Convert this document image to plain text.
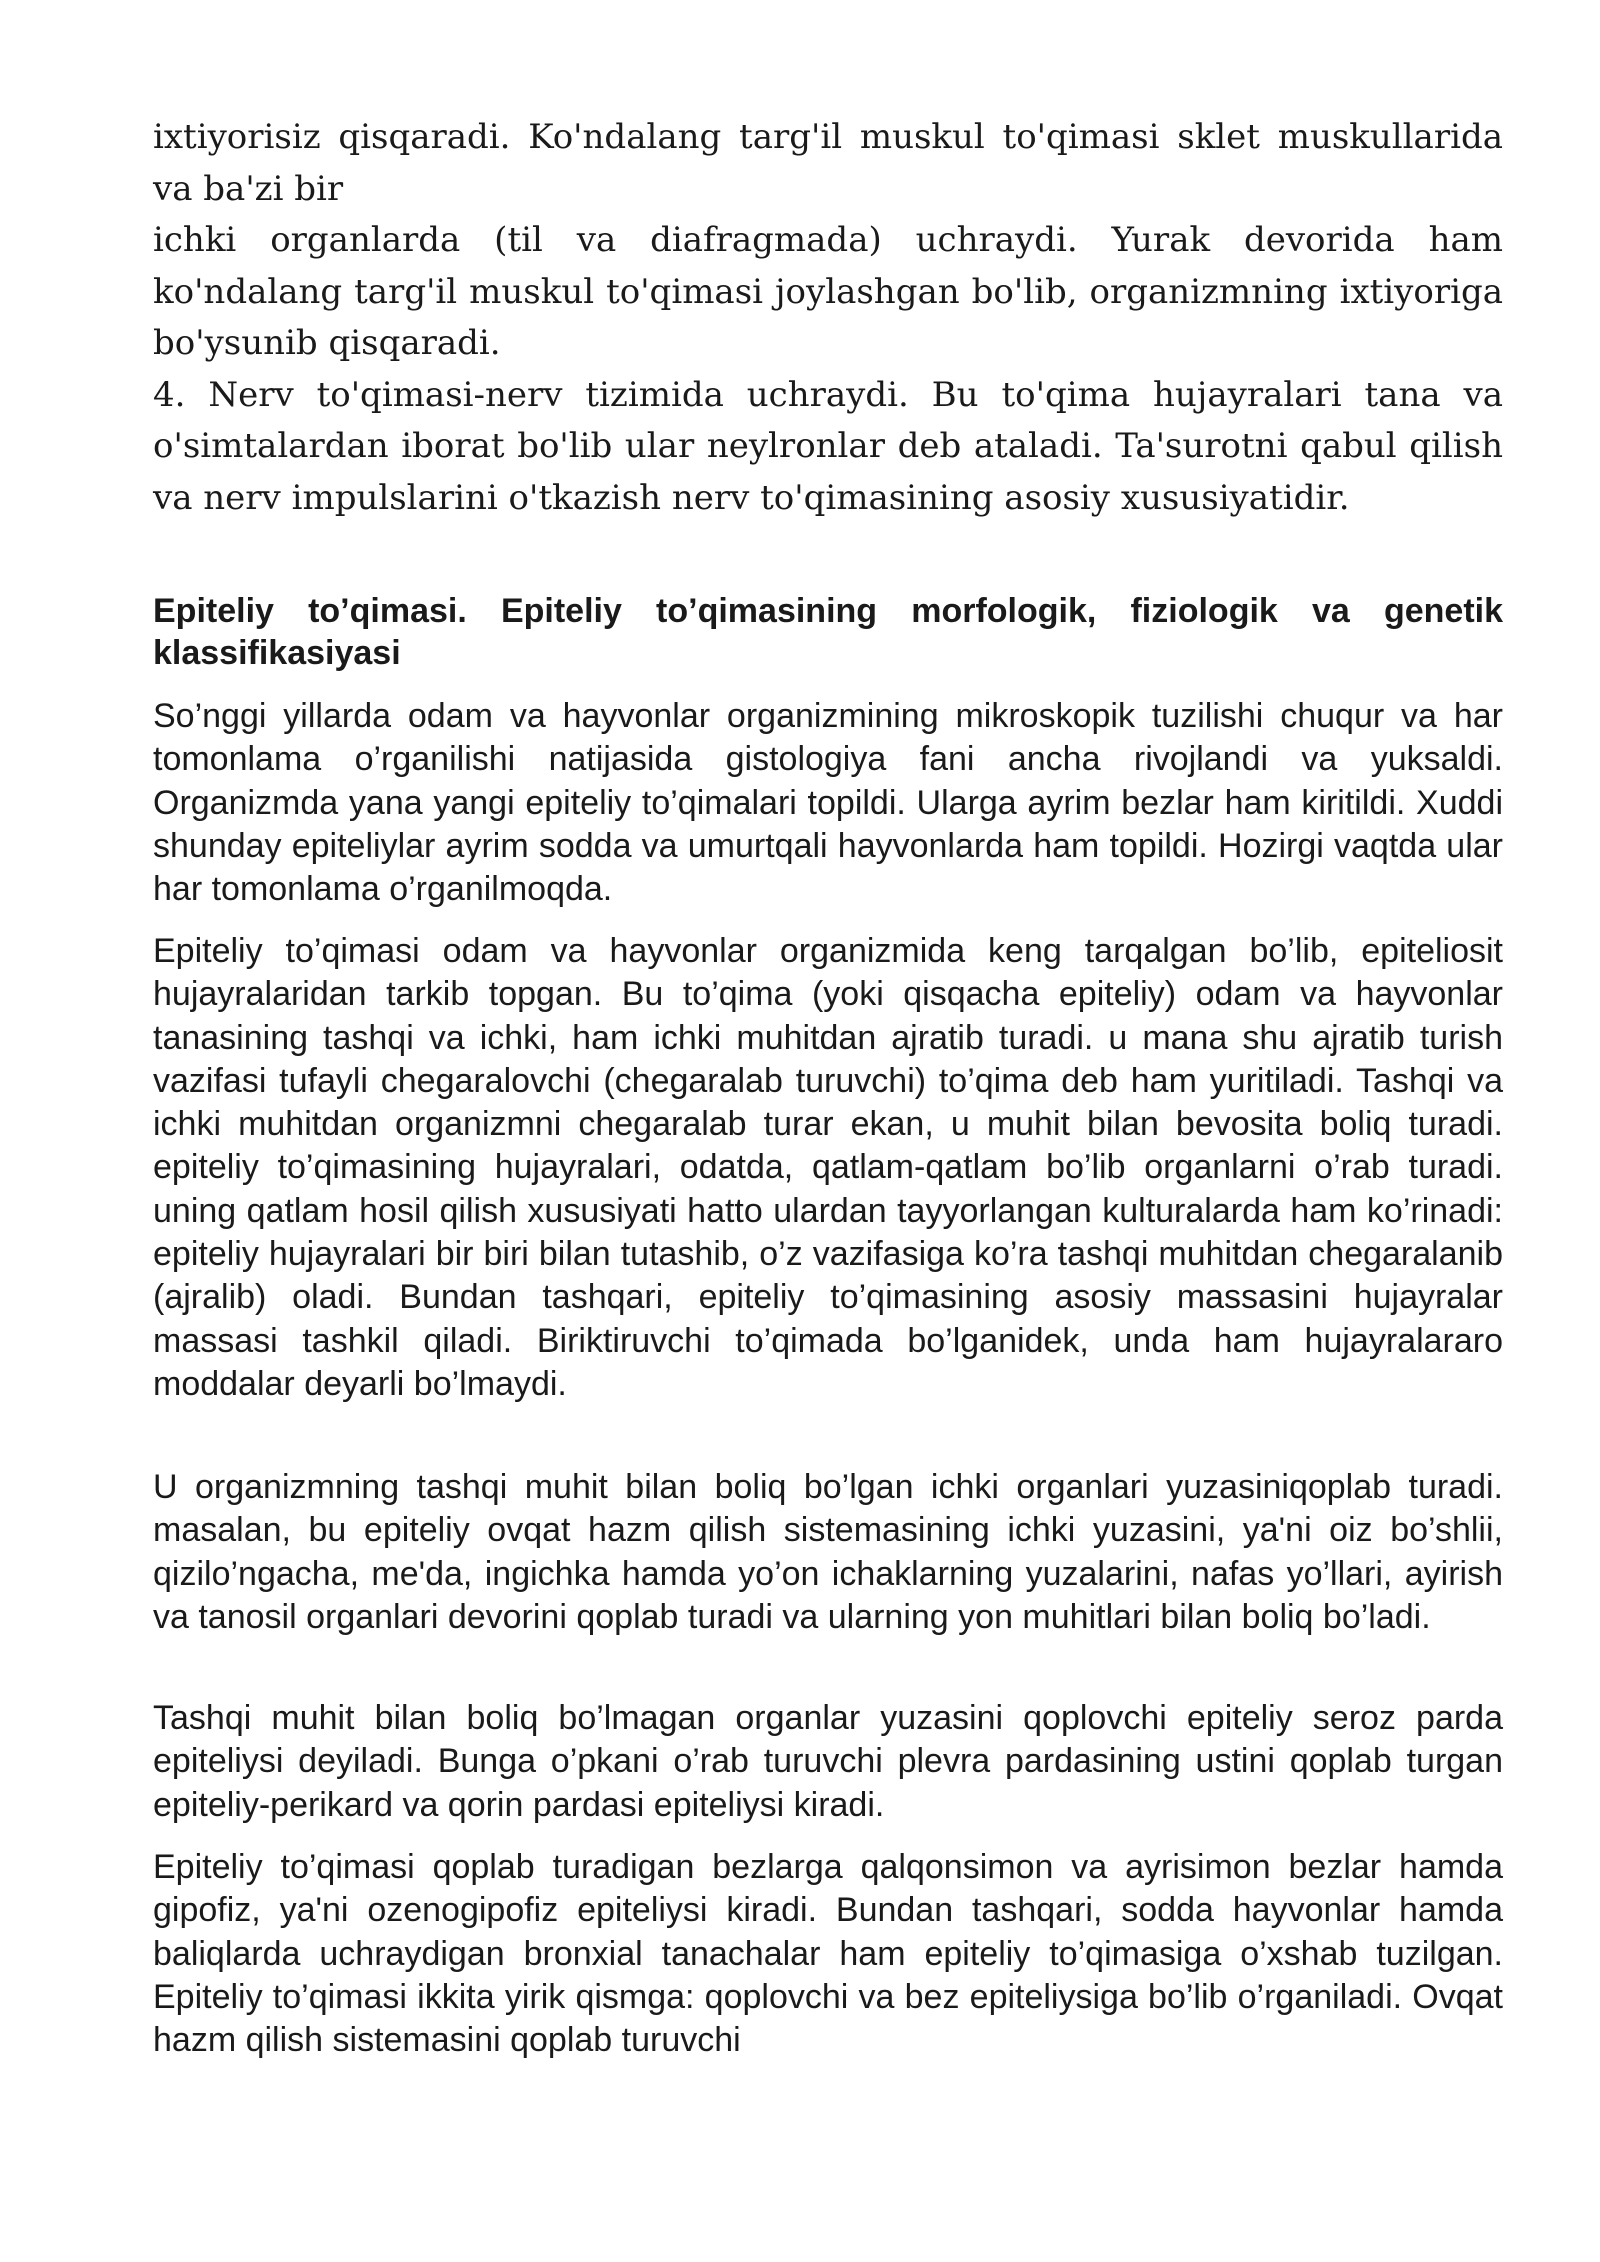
ixtiyorisiz qisqaradi. Ko'ndalang targ'il muskul to'qimasi sklet muskullarida
va ba'zi bir
ichki organlarda (til va diafragmada) uchraydi. Yurak devorida ham ko'ndalang targ'il muskul to'qimasi joylashgan bo'lib, organizmning ixtiyoriga bo'ysunib qisqaradi.

4. Nerv to'qimasi-nerv tizimida uchraydi. Bu to'qima hujayralari tana va o'simtalardan iborat bo'lib ular neylronlar deb ataladi. Ta'surotni qabul qilish va nerv impulslarini o'tkazish nerv to'qimasining asosiy xususiyatidir.

Epiteliy to’qimasi. Epiteliy to’qimasining morfologik, fiziologik va genetik klassifikasiyasi

So’nggi yillarda odam va hayvonlar organizmining mikroskopik tuzilishi chuqur va har tomonlama o’rganilishi natijasida gistologiya fani ancha rivojlandi va yuksaldi. Organizmda yana yangi epiteliy to’qimalari topildi. Ularga ayrim bezlar ham kiritildi. Xuddi shunday epiteliylar ayrim sodda va umurtqali hayvonlarda ham topildi. Hozirgi vaqtda ular har tomonlama o’rganilmoqda.

Epiteliy to’qimasi odam va hayvonlar organizmida keng tarqalgan bo’lib, epiteliosit hujayralaridan tarkib topgan. Bu to’qima (yoki qisqacha epiteliy) odam va hayvonlar tanasining tashqi va ichki, ham ichki muhitdan ajratib turadi. u mana shu ajratib turish vazifasi tufayli chegaralovchi (chegaralab turuvchi) to’qima deb ham yuritiladi. Tashqi va ichki muhitdan organizmni chegaralab turar ekan, u muhit bilan bevosita boliq turadi. epiteliy to’qimasining hujayralari, odatda, qatlam-qatlam bo’lib organlarni o’rab turadi. uning qatlam hosil qilish xususiyati hatto ulardan tayyorlangan kulturalarda ham ko’rinadi: epiteliy hujayralari bir biri bilan tutashib, o’z vazifasiga ko’ra tashqi muhitdan chegaralanib (ajralib) oladi. Bundan tashqari, epiteliy to’qimasining asosiy massasini hujayralar massasi tashkil qiladi. Biriktiruvchi to’qimada bo’lganidek, unda ham hujayralararo moddalar deyarli bo’lmaydi.

U organizmning tashqi muhit bilan boliq bo’lgan ichki organlari yuzasiniqoplab turadi. masalan, bu epiteliy ovqat hazm qilish sistemasining ichki yuzasini, ya'ni oiz bo’shlii, qizilo’ngacha, me'da, ingichka hamda yo’on ichaklarning yuzalarini, nafas yo’llari, ayirish va tanosil organlari devorini qoplab turadi va ularning yon muhitlari bilan boliq bo’ladi.

Tashqi muhit bilan boliq bo’lmagan organlar yuzasini qoplovchi epiteliy seroz parda epiteliysi deyiladi. Bunga o’pkani o’rab turuvchi plevra pardasining ustini qoplab turgan epiteliy-perikard va qorin pardasi epiteliysi kiradi.

Epiteliy to’qimasi qoplab turadigan bezlarga qalqonsimon va ayrisimon bezlar hamda gipofiz, ya'ni ozenogipofiz epiteliysi kiradi. Bundan tashqari, sodda hayvonlar hamda baliqlarda uchraydigan bronxial tanachalar ham epiteliy to’qimasiga o’xshab tuzilgan. Epiteliy to’qimasi ikkita yirik qismga: qoplovchi va bez epiteliysiga bo’lib o’rganiladi. Ovqat hazm qilish sistemasini qoplab turuvchi
